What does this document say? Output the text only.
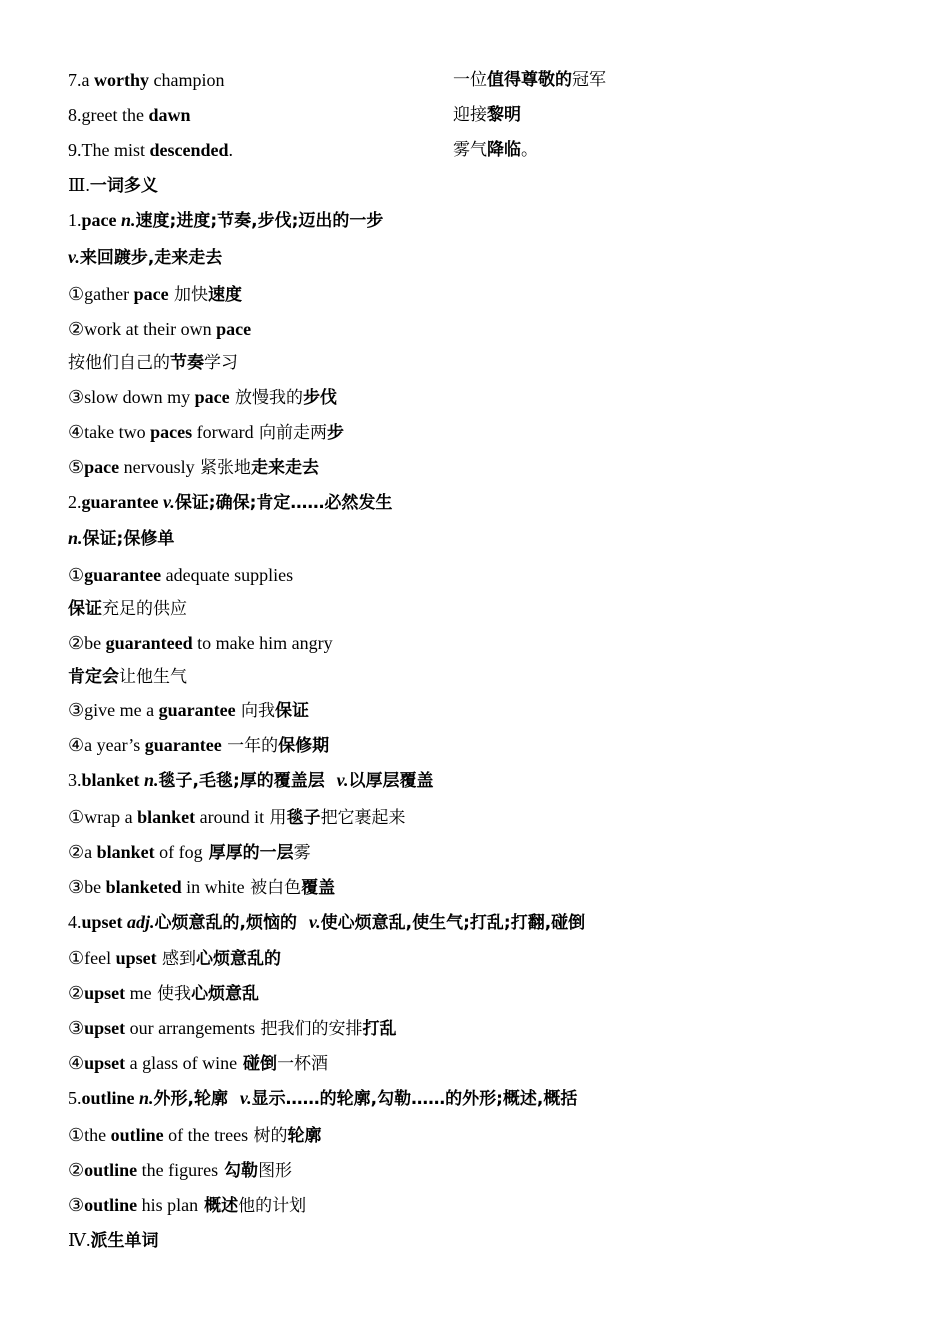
7.a worthy champion	一位值得尊敬的冠军
8.greet the dawn	迎接黎明
9.The mist descended.	雾气降临。
Ⅲ.一词多义
1.pace n.速度;进度;节奏,步伐;迈出的一步
v.来回踱步,走来走去
①gather pace 加快速度
②work at their own pace
按他们自己的节奏学习
③slow down my pace 放慢我的步伐
④take two paces forward 向前走两步
⑤pace nervously 紧张地走来走去
2.guarantee v.保证;确保;肯定……必然发生
n.保证;保修单
①guarantee adequate supplies
保证充足的供应
②be guaranteed to make him angry
肯定会让他生气
③give me a guarantee 向我保证
④a year’s guarantee 一年的保修期
3.blanket n.毯子,毛毯;厚的覆盖层  v.以厚层覆盖
①wrap a blanket around it 用毯子把它裹起来
②a blanket of fog 厚厚的一层雾
③be blanketed in white 被白色覆盖
4.upset adj.心烦意乱的,烦恼的  v.使心烦意乱,使生气;打乱;打翻,碰倒
①feel upset 感到心烦意乱的
②upset me 使我心烦意乱
③upset our arrangements 把我们的安排打乱
④upset a glass of wine 碰倒一杯酒
5.outline n.外形,轮廓  v.显示……的轮廓,勾勒……的外形;概述,概括
①the outline of the trees 树的轮廓
②outline the figures 勾勒图形
③outline his plan 概述他的计划
Ⅳ.派生单词
